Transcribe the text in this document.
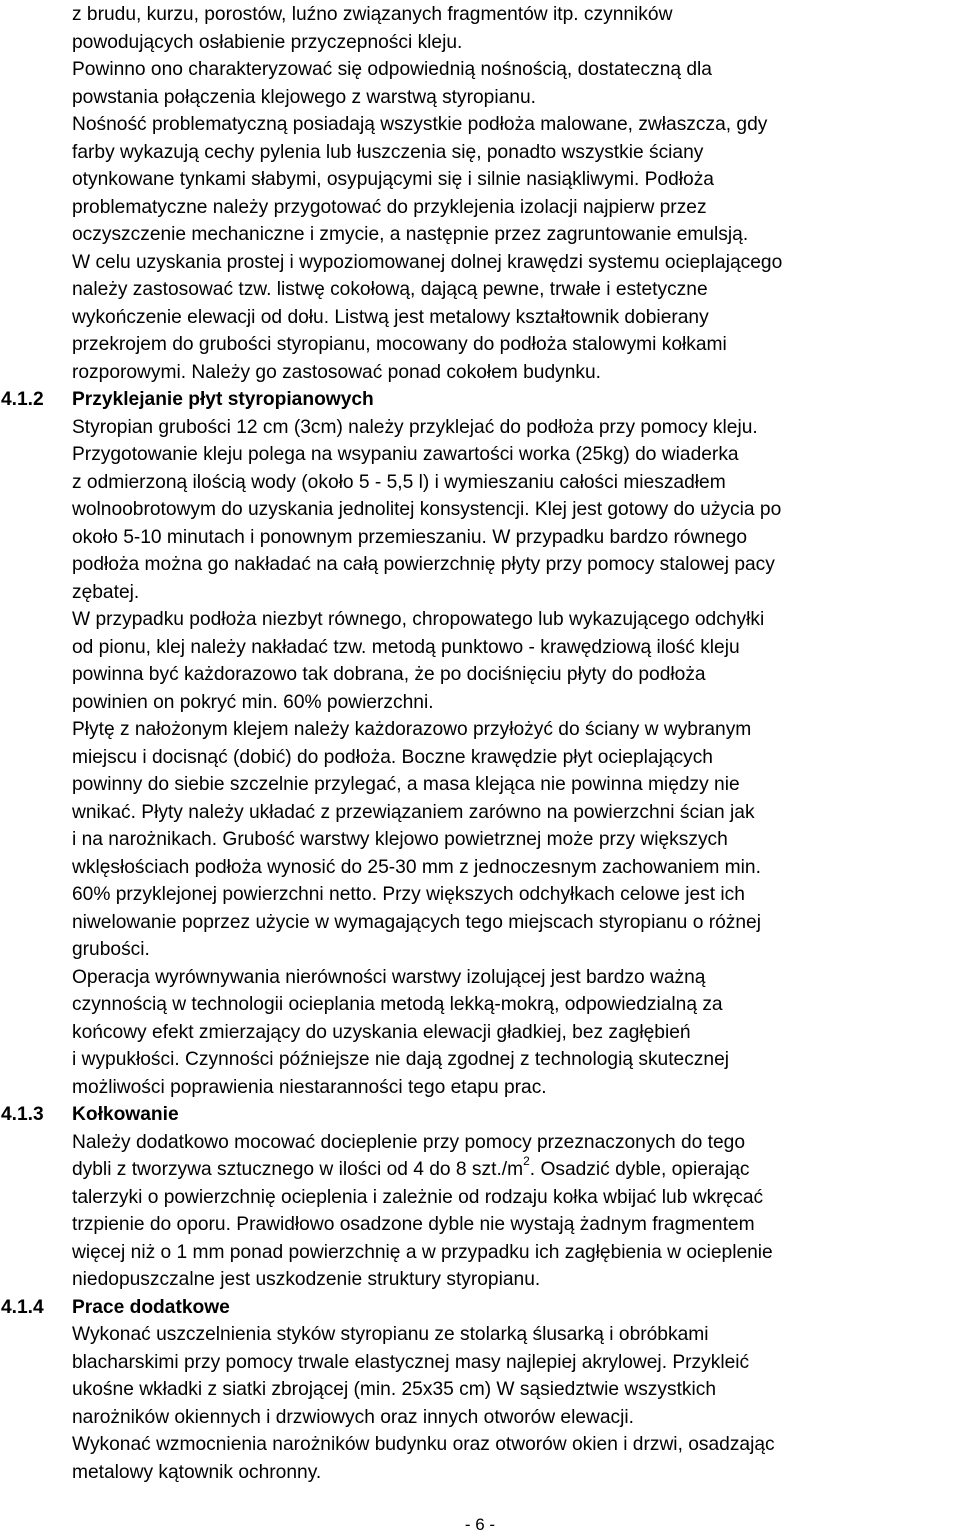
z brudu, kurzu, porostów, luźno związanych fragmentów itp. czynników
powodujących osłabienie przyczepności kleju.

Powinno ono charakteryzować się odpowiednią nośnością, dostateczną dla
powstania połączenia klejowego z warstwą styropianu.

Nośność problematyczną posiadają wszystkie podłoża malowane, zwłaszcza, gdy
farby wykazują cechy pylenia lub łuszczenia się, ponadto wszystkie ściany
otynkowane tynkami słabymi, osypującymi się i silnie nasiąkliwymi. Podłoża
problematyczne należy przygotować do przyklejenia izolacji najpierw przez
oczyszczenie mechaniczne i zmycie, a następnie przez zagruntowanie emulsją.

W celu uzyskania prostej i wypoziomowanej dolnej krawędzi systemu ocieplającego
należy zastosować tzw. listwę cokołową, dającą pewne, trwałe i estetyczne
wykończenie elewacji od dołu. Listwą jest metalowy kształtownik dobierany
przekrojem do grubości styropianu, mocowany do podłoża stalowymi kołkami
rozporowymi. Należy go zastosować ponad cokołem budynku.

4.1.2 Przyklejanie płyt styropianowych

Styropian grubości 12 cm (3cm) należy przyklejać do podłoża przy pomocy kleju.

Przygotowanie kleju polega na wsypaniu zawartości worka (25kg) do wiaderka
z odmierzoną ilością wody (około 5 - 5,5 l) i wymieszaniu całości mieszadłem
wolnoobrotowym do uzyskania jednolitej konsystencji. Klej jest gotowy do użycia po
około 5-10 minutach i ponownym przemieszaniu. W przypadku bardzo równego
podłoża można go nakładać na całą powierzchnię płyty przy pomocy stalowej pacy
zębatej.

W przypadku podłoża niezbyt równego, chropowatego lub wykazującego odchyłki
od pionu, klej należy nakładać tzw. metodą punktowo - krawędziową ilość kleju
powinna być każdorazowo tak dobrana, że po dociśnięciu płyty do podłoża
powinien on pokryć min. 60% powierzchni.

Płytę z nałożonym klejem należy każdorazowo przyłożyć do ściany w wybranym
miejscu i docisnąć (dobić) do podłoża. Boczne krawędzie płyt ocieplających
powinny do siebie szczelnie przylegać, a masa klejąca nie powinna między nie
wnikać. Płyty należy układać z przewiązaniem zarówno na powierzchni ścian jak
i na narożnikach. Grubość warstwy klejowo powietrznej może przy większych
wklęsłościach podłoża wynosić do 25-30 mm z jednoczesnym zachowaniem min.
60% przyklejonej powierzchni netto. Przy większych odchyłkach celowe jest ich
niwelowanie poprzez użycie w wymagających tego miejscach styropianu o różnej
grubości.

Operacja wyrównywania nierówności warstwy izolującej jest bardzo ważną
czynnością w technologii ocieplania metodą lekką-mokrą, odpowiedzialną za
końcowy efekt zmierzający do uzyskania elewacji gładkiej, bez zagłębień
i wypukłości. Czynności późniejsze nie dają zgodnej z technologią skutecznej
możliwości poprawienia niestaranności tego etapu prac.

4.1.3 Kołkowanie

Należy dodatkowo mocować docieplenie przy pomocy przeznaczonych do tego
dybli z tworzywa sztucznego w ilości od 4 do 8 $szt./m^2$. Osadzić dyble, opierając
talerzyki o powierzchnię ocieplenia i zależnie od rodzaju kołka wbijać lub wkręcać
trzpienie do oporu. Prawidłowo osadzone dyble nie wystają żadnym fragmentem
więcej niż o 1 mm ponad powierzchnię a w przypadku ich zagłębienia w ocieplenie
niedopuszczalne jest uszkodzenie struktury styropianu.

4.1.4 Prace dodatkowe

Wykonać uszczelnienia styków styropianu ze stolarką ślusarką i obróbkami
blacharskimi przy pomocy trwale elastycznej masy najlepiej akrylowej. Przykleić
ukośne wkładki z siatki zbrojącej (min. 25x35 cm) W sąsiedztwie wszystkich
narożników okiennych i drzwiowych oraz innych otworów elewacji.

Wykonać wzmocnienia narożników budynku oraz otworów okien i drzwi, osadzając
metalowy kątownik ochronny.

- 6 -
